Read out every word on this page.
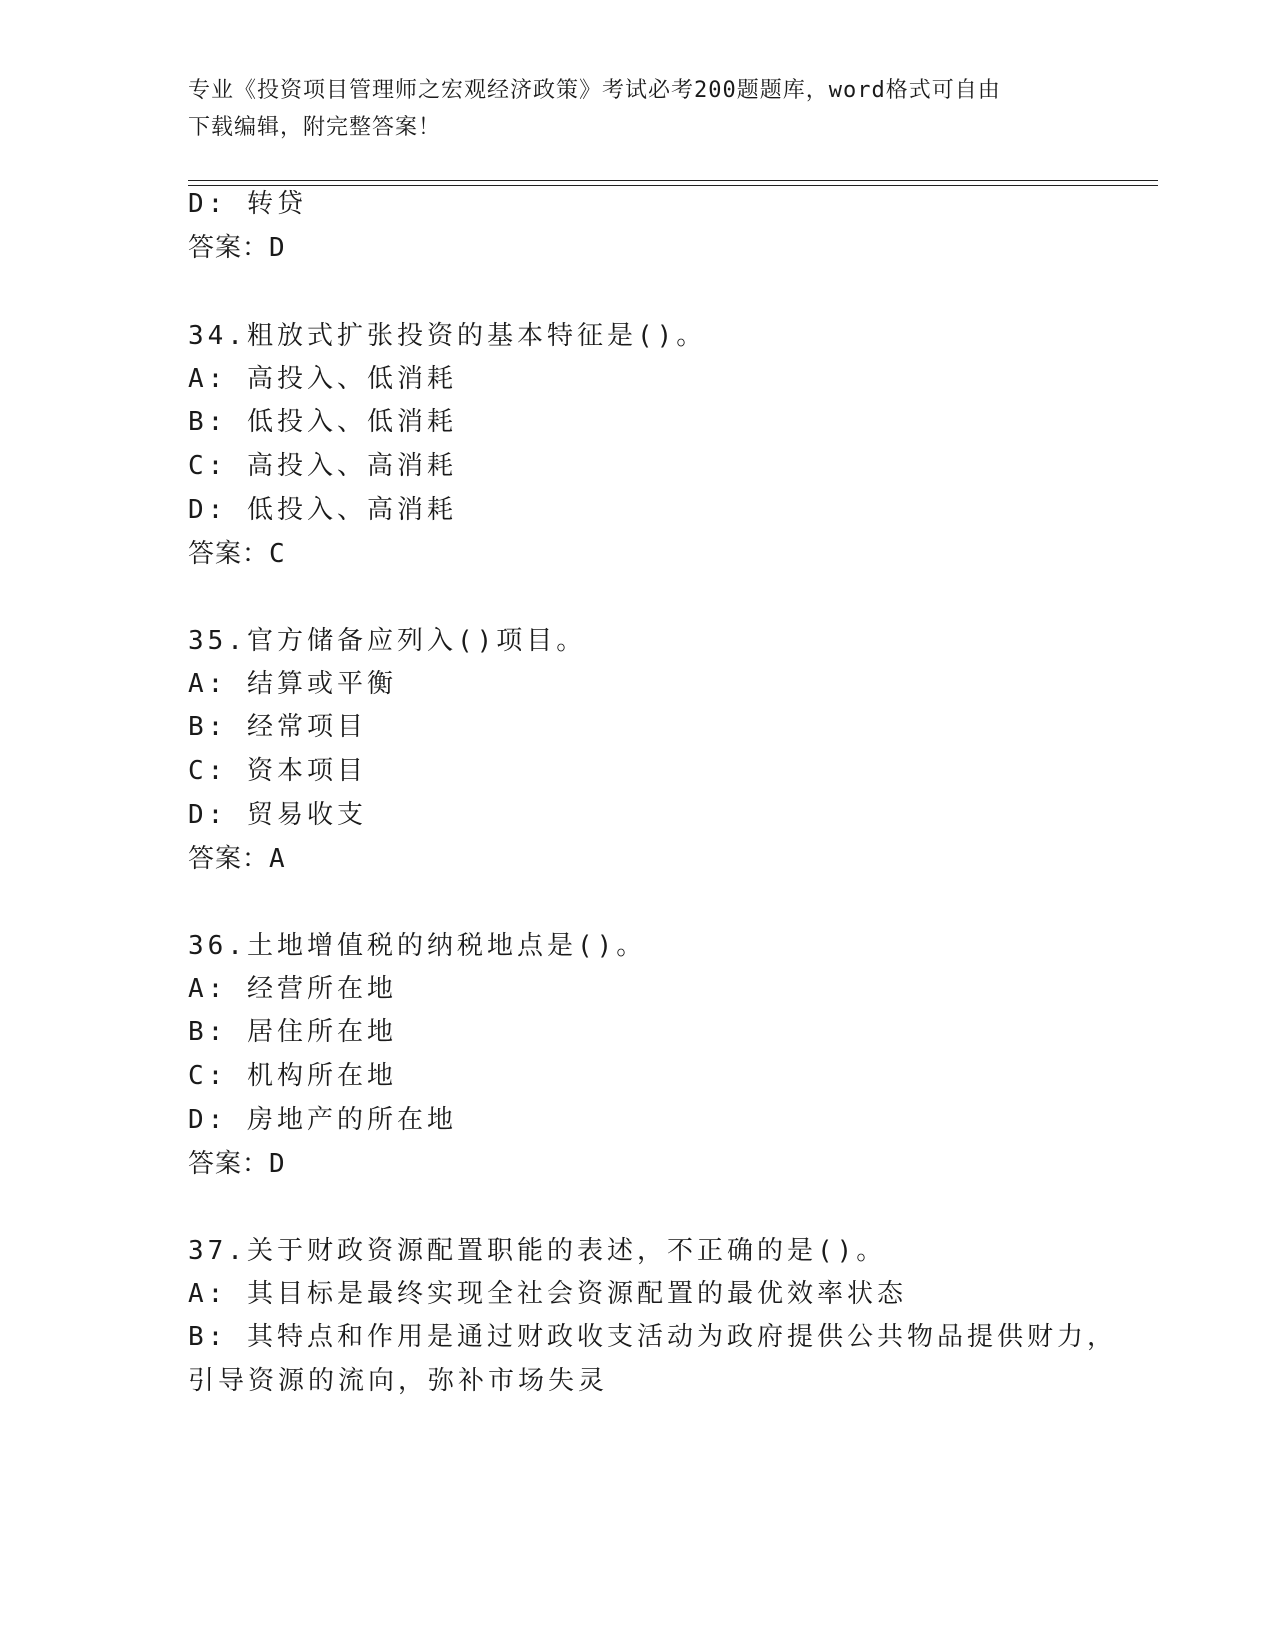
专业《投资项目管理师之宏观经济政策》考试必考200题题库，word格式可自由
下载编辑，附完整答案！
D: 转贷
答案：D
34.粗放式扩张投资的基本特征是()。
A: 高投入、低消耗
B: 低投入、低消耗
C: 高投入、高消耗
D: 低投入、高消耗
答案：C
35.官方储备应列入()项目。
A: 结算或平衡
B: 经常项目
C: 资本项目
D: 贸易收支
答案：A
36.土地增值税的纳税地点是()。
A: 经营所在地
B: 居住所在地
C: 机构所在地
D: 房地产的所在地
答案：D
37.关于财政资源配置职能的表述，不正确的是()。
A: 其目标是最终实现全社会资源配置的最优效率状态
B: 其特点和作用是通过财政收支活动为政府提供公共物品提供财力，
引导资源的流向，弥补市场失灵
